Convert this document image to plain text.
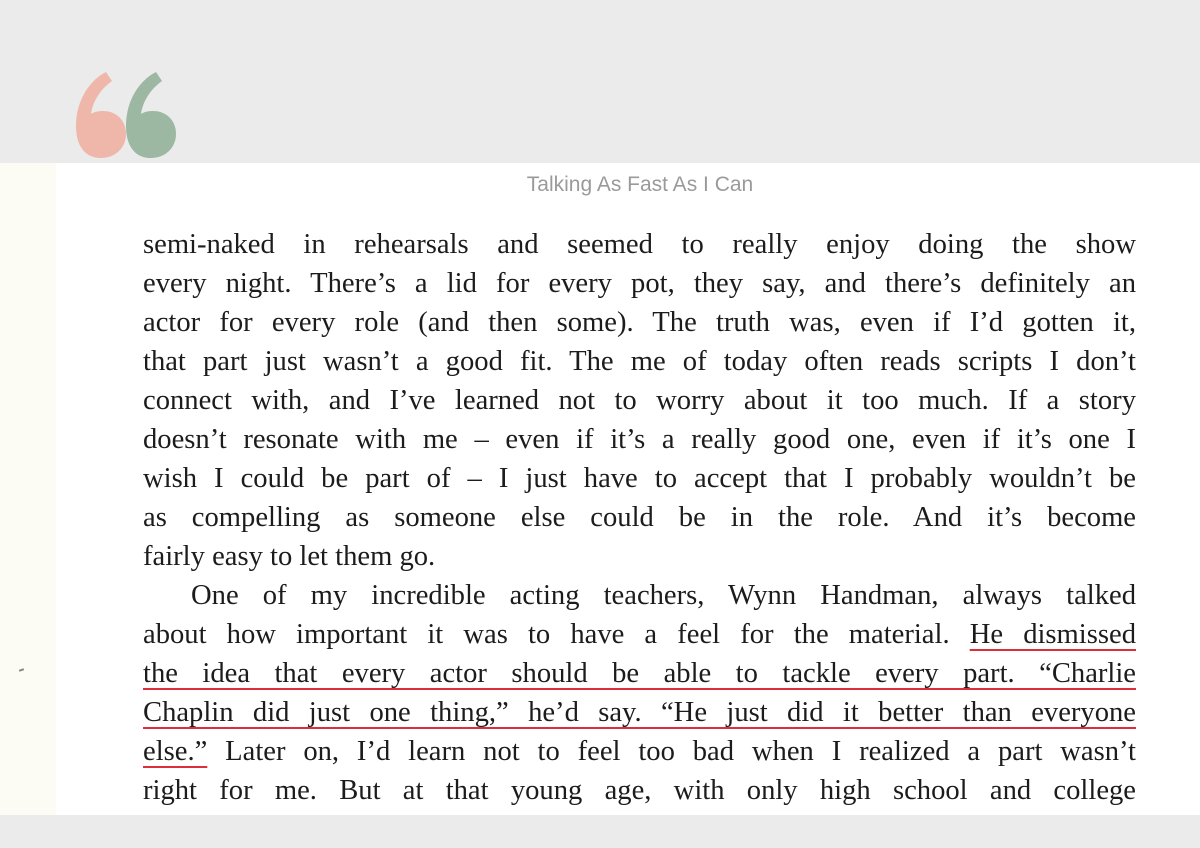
Talking As Fast As I Can
semi-naked in rehearsals and seemed to really enjoy doing the show
every night. There’s a lid for every pot, they say, and there’s definitely an
actor for every role (and then some). The truth was, even if I’d gotten it,
that part just wasn’t a good fit. The me of today often reads scripts I don’t
connect with, and I’ve learned not to worry about it too much. If a story
doesn’t resonate with me – even if it’s a really good one, even if it’s one I
wish I could be part of – I just have to accept that I probably wouldn’t be
as compelling as someone else could be in the role. And it’s become
fairly easy to let them go.
One of my incredible acting teachers, Wynn Handman, always talked
about how important it was to have a feel for the material. He dismissed
the idea that every actor should be able to tackle every part. “Charlie
Chaplin did just one thing,” he’d say. “He just did it better than everyone
else.” Later on, I’d learn not to feel too bad when I realized a part wasn’t
right for me. But at that young age, with only high school and college
